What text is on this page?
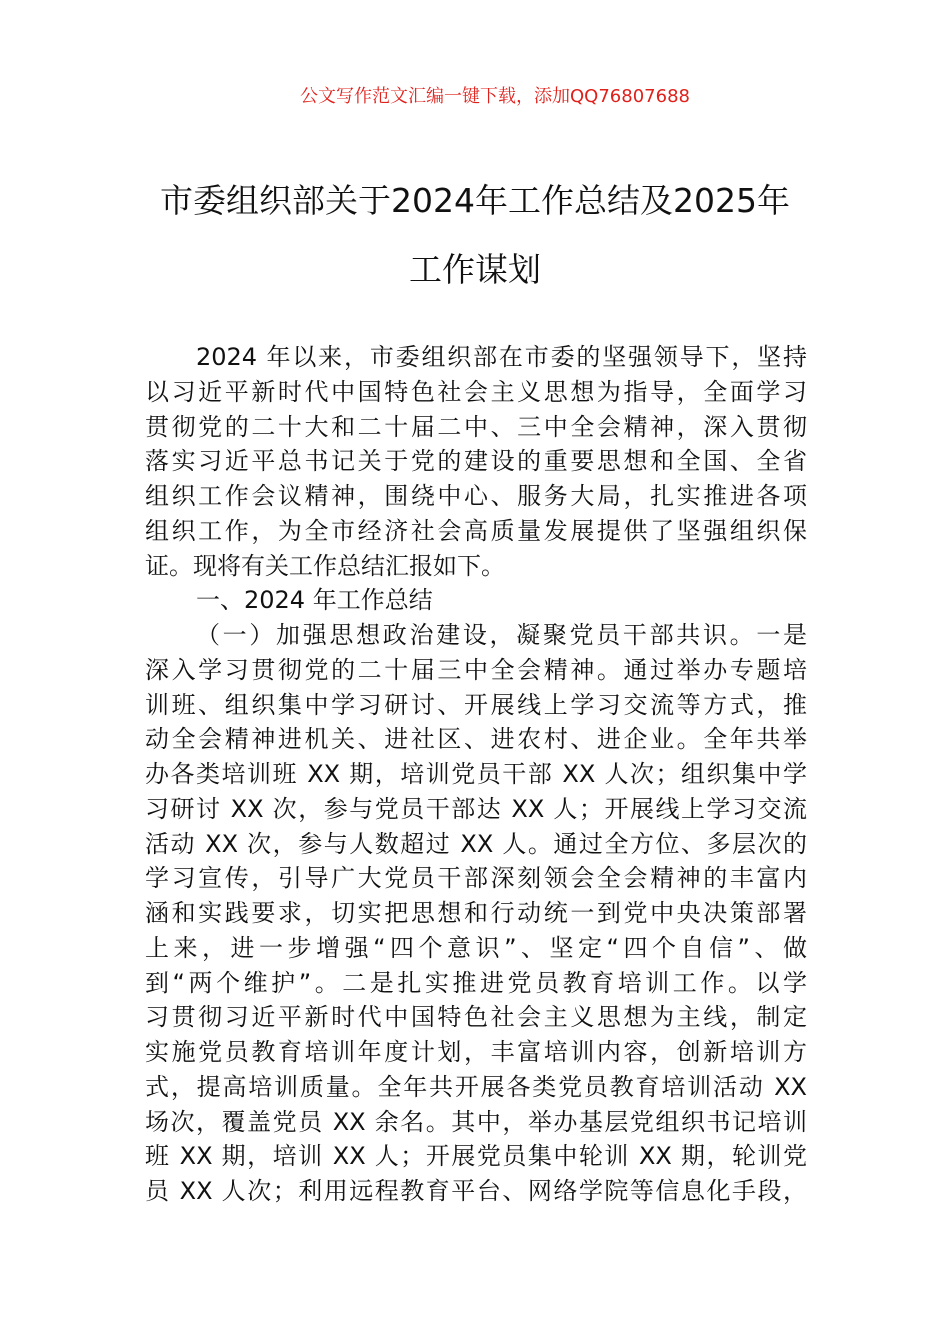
公文写作范文汇编一键下载，添加QQ76807688
市委组织部关于2024年工作总结及2025年
工作谋划
2024 年以来，市委组织部在市委的坚强领导下，坚持
以习近平新时代中国特色社会主义思想为指导，全面学习
贯彻党的二十大和二十届二中、三中全会精神，深入贯彻
落实习近平总书记关于党的建设的重要思想和全国、全省
组织工作会议精神，围绕中心、服务大局，扎实推进各项
组织工作，为全市经济社会高质量发展提供了坚强组织保
证。现将有关工作总结汇报如下。
一、2024 年工作总结
（一）加强思想政治建设，凝聚党员干部共识。一是
深入学习贯彻党的二十届三中全会精神。通过举办专题培
训班、组织集中学习研讨、开展线上学习交流等方式，推
动全会精神进机关、进社区、进农村、进企业。全年共举
办各类培训班 XX 期，培训党员干部 XX 人次；组织集中学
习研讨 XX 次，参与党员干部达 XX 人；开展线上学习交流
活动 XX 次，参与人数超过 XX 人。通过全方位、多层次的
学习宣传，引导广大党员干部深刻领会全会精神的丰富内
涵和实践要求，切实把思想和行动统一到党中央决策部署
上来，进一步增强“四个意识”、坚定“四个自信”、做
到“两个维护”。二是扎实推进党员教育培训工作。以学
习贯彻习近平新时代中国特色社会主义思想为主线，制定
实施党员教育培训年度计划，丰富培训内容，创新培训方
式，提高培训质量。全年共开展各类党员教育培训活动 XX
场次，覆盖党员 XX 余名。其中，举办基层党组织书记培训
班 XX 期，培训 XX 人；开展党员集中轮训 XX 期，轮训党
员 XX 人次；利用远程教育平台、网络学院等信息化手段，
